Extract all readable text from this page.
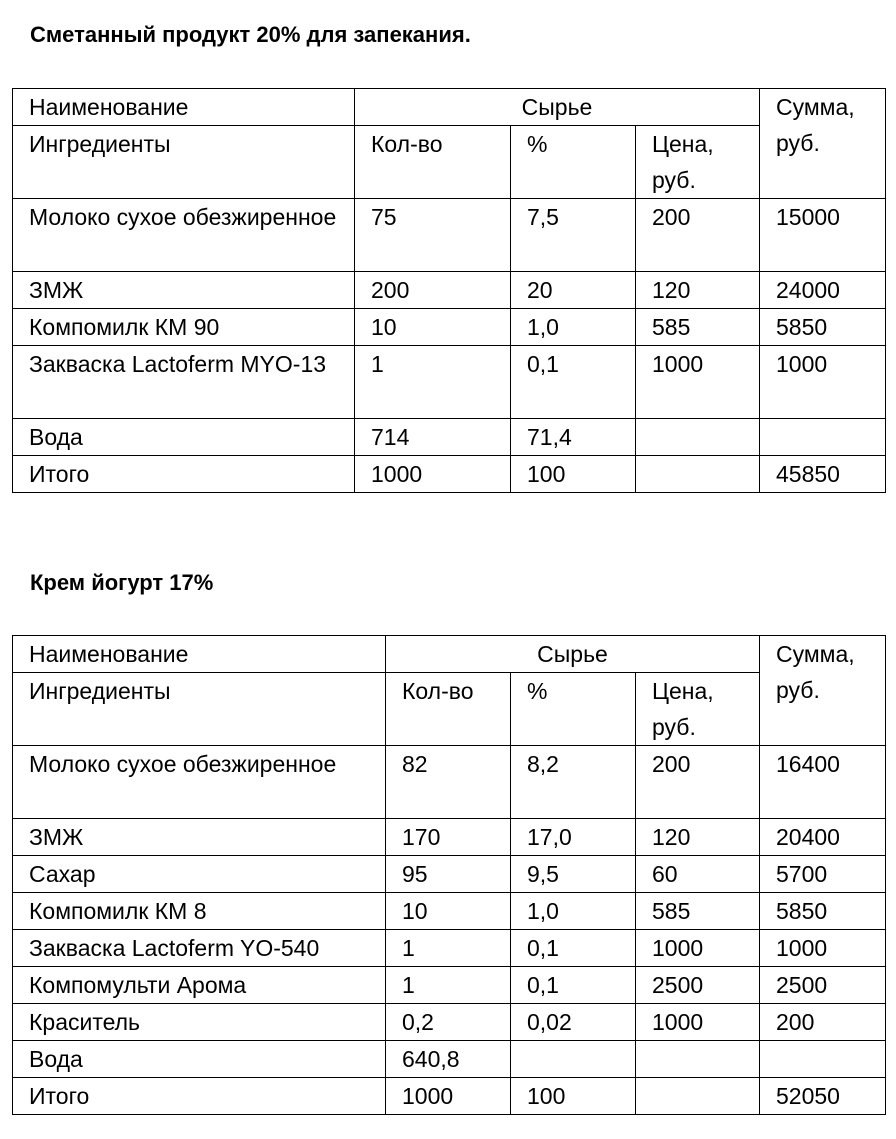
Сметанный продукт 20% для запекания.
Наименование	Сырье			Сумма, руб.
Ингредиенты	Кол-во	%	Цена, руб.	
Молоко сухое обезжиренное	75	7,5	200	15000
ЗМЖ	200	20	120	24000
Компомилк КМ 90	10	1,0	585	5850
Закваска Lactoferm MYO-13	1	0,1	1000	1000
Вода	714	71,4		
Итого	1000	100		45850
Крем йогурт 17%
Наименование	Сырье			Сумма, руб.
Ингредиенты	Кол-во	%	Цена, руб.	
Молоко сухое обезжиренное	82	8,2	200	16400
ЗМЖ	170	17,0	120	20400
Сахар	95	9,5	60	5700
Компомилк КМ 8	10	1,0	585	5850
Закваска Lactoferm YO-540	1	0,1	1000	1000
Компомульти Арома	1	0,1	2500	2500
Краситель	0,2	0,02	1000	200
Вода	640,8			
Итого	1000	100		52050
